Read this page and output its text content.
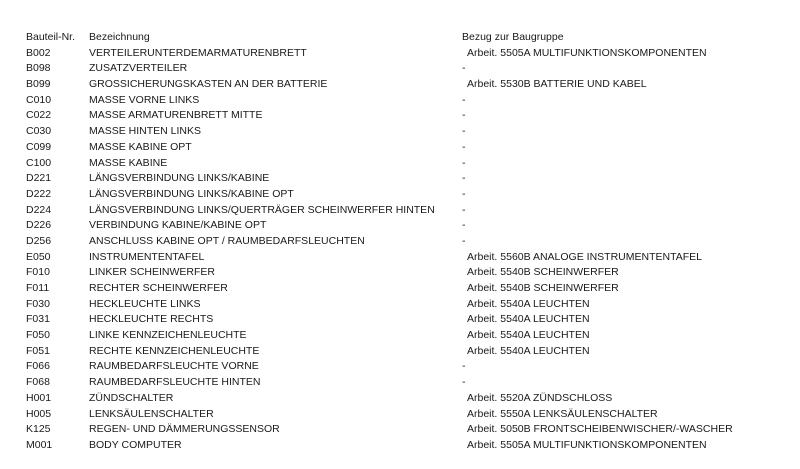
Bauteil-Nr.	Bezeichnung	Bezug zur Baugruppe
B002	VERTEILERUNTERDEMARMATURENBRETT	Arbeit. 5505A MULTIFUNKTIONSKOMPONENTEN
B098	ZUSATZVERTEILER	-
B099	GROSSICHERUNGSKASTEN AN DER BATTERIE	Arbeit. 5530B BATTERIE UND KABEL
C010	MASSE VORNE LINKS	-
C022	MASSE ARMATURENBRETT MITTE	-
C030	MASSE HINTEN LINKS	-
C099	MASSE KABINE OPT	-
C100	MASSE KABINE	-
D221	LÄNGSVERBINDUNG LINKS/KABINE	-
D222	LÄNGSVERBINDUNG LINKS/KABINE OPT	-
D224	LÄNGSVERBINDUNG LINKS/QUERTRÄGER SCHEINWERFER HINTEN	-
D226	VERBINDUNG KABINE/KABINE OPT	-
D256	ANSCHLUSS KABINE OPT / RAUMBEDARFSLEUCHTEN	-
E050	INSTRUMENTENTAFEL	Arbeit. 5560B ANALOGE INSTRUMENTENTAFEL
F010	LINKER SCHEINWERFER	Arbeit. 5540B SCHEINWERFER
F011	RECHTER SCHEINWERFER	Arbeit. 5540B SCHEINWERFER
F030	HECKLEUCHTE LINKS	Arbeit. 5540A LEUCHTEN
F031	HECKLEUCHTE RECHTS	Arbeit. 5540A LEUCHTEN
F050	LINKE KENNZEICHENLEUCHTE	Arbeit. 5540A LEUCHTEN
F051	RECHTE KENNZEICHENLEUCHTE	Arbeit. 5540A LEUCHTEN
F066	RAUMBEDARFSLEUCHTE VORNE	-
F068	RAUMBEDARFSLEUCHTE HINTEN	-
H001	ZÜNDSCHALTER	Arbeit. 5520A ZÜNDSCHLOSS
H005	LENKSÄULENSCHALTER	Arbeit. 5550A LENKSÄULENSCHALTER
K125	REGEN- UND DÄMMERUNGSSENSOR	Arbeit. 5050B FRONTSCHEIBENWISCHER/-WASCHER
M001	BODY COMPUTER	Arbeit. 5505A MULTIFUNKTIONSKOMPONENTEN
